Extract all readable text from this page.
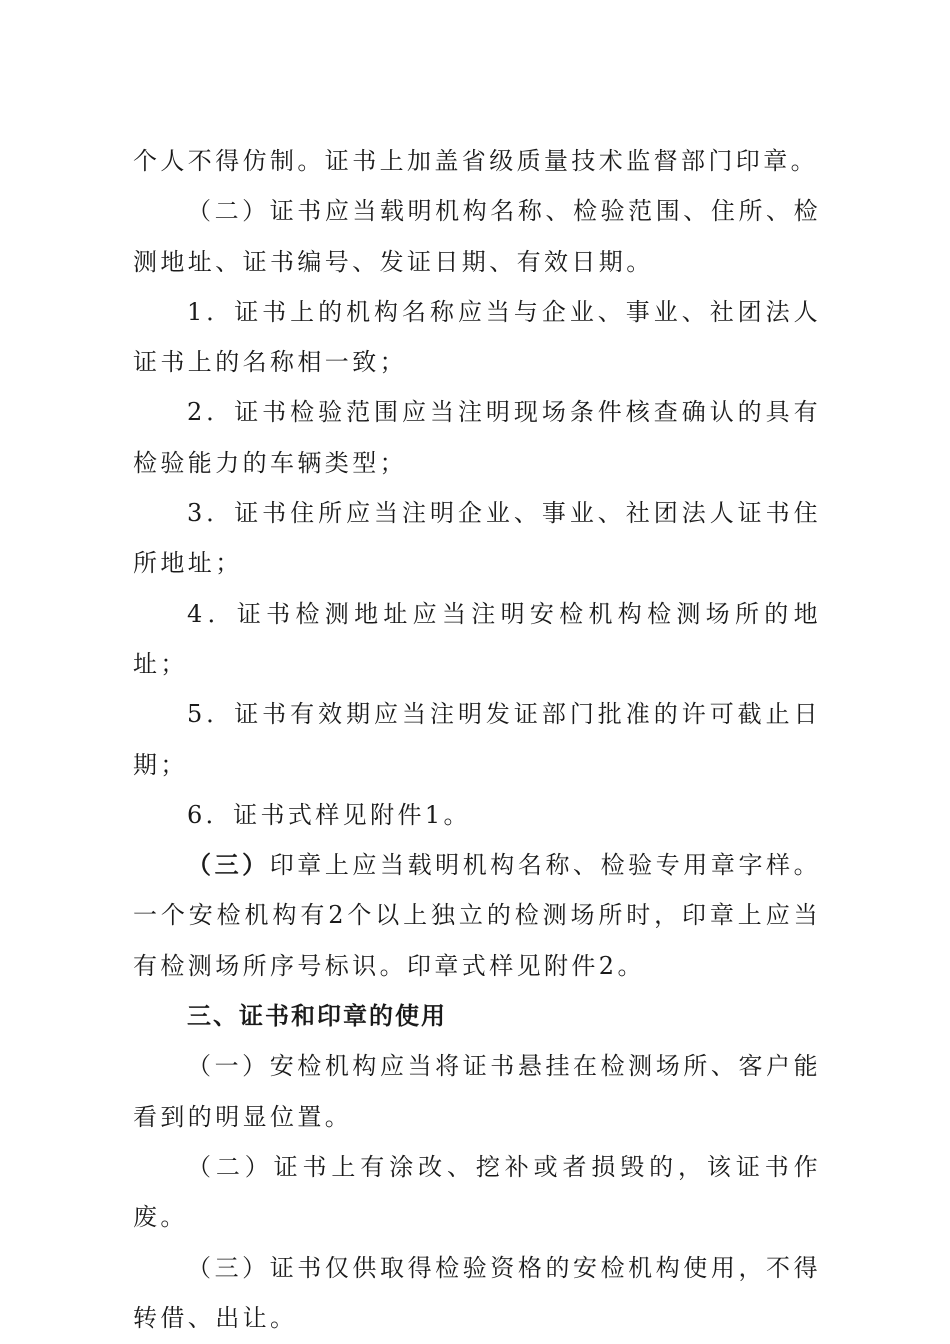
个人不得仿制。证书上加盖省级质量技术监督部门印章。

（二）证书应当载明机构名称、检验范围、住所、检测地址、证书编号、发证日期、有效日期。

1．证书上的机构名称应当与企业、事业、社团法人证书上的名称相一致；

2．证书检验范围应当注明现场条件核查确认的具有检验能力的车辆类型；

3．证书住所应当注明企业、事业、社团法人证书住所地址；

4．证书检测地址应当注明安检机构检测场所的地址；

5．证书有效期应当注明发证部门批准的许可截止日期；

6．证书式样见附件1。

（三）印章上应当载明机构名称、检验专用章字样。一个安检机构有2个以上独立的检测场所时，印章上应当有检测场所序号标识。印章式样见附件2。

三、证书和印章的使用

（一）安检机构应当将证书悬挂在检测场所、客户能看到的明显位置。

（二）证书上有涂改、挖补或者损毁的，该证书作废。

（三）证书仅供取得检验资格的安检机构使用，不得转借、出让。
